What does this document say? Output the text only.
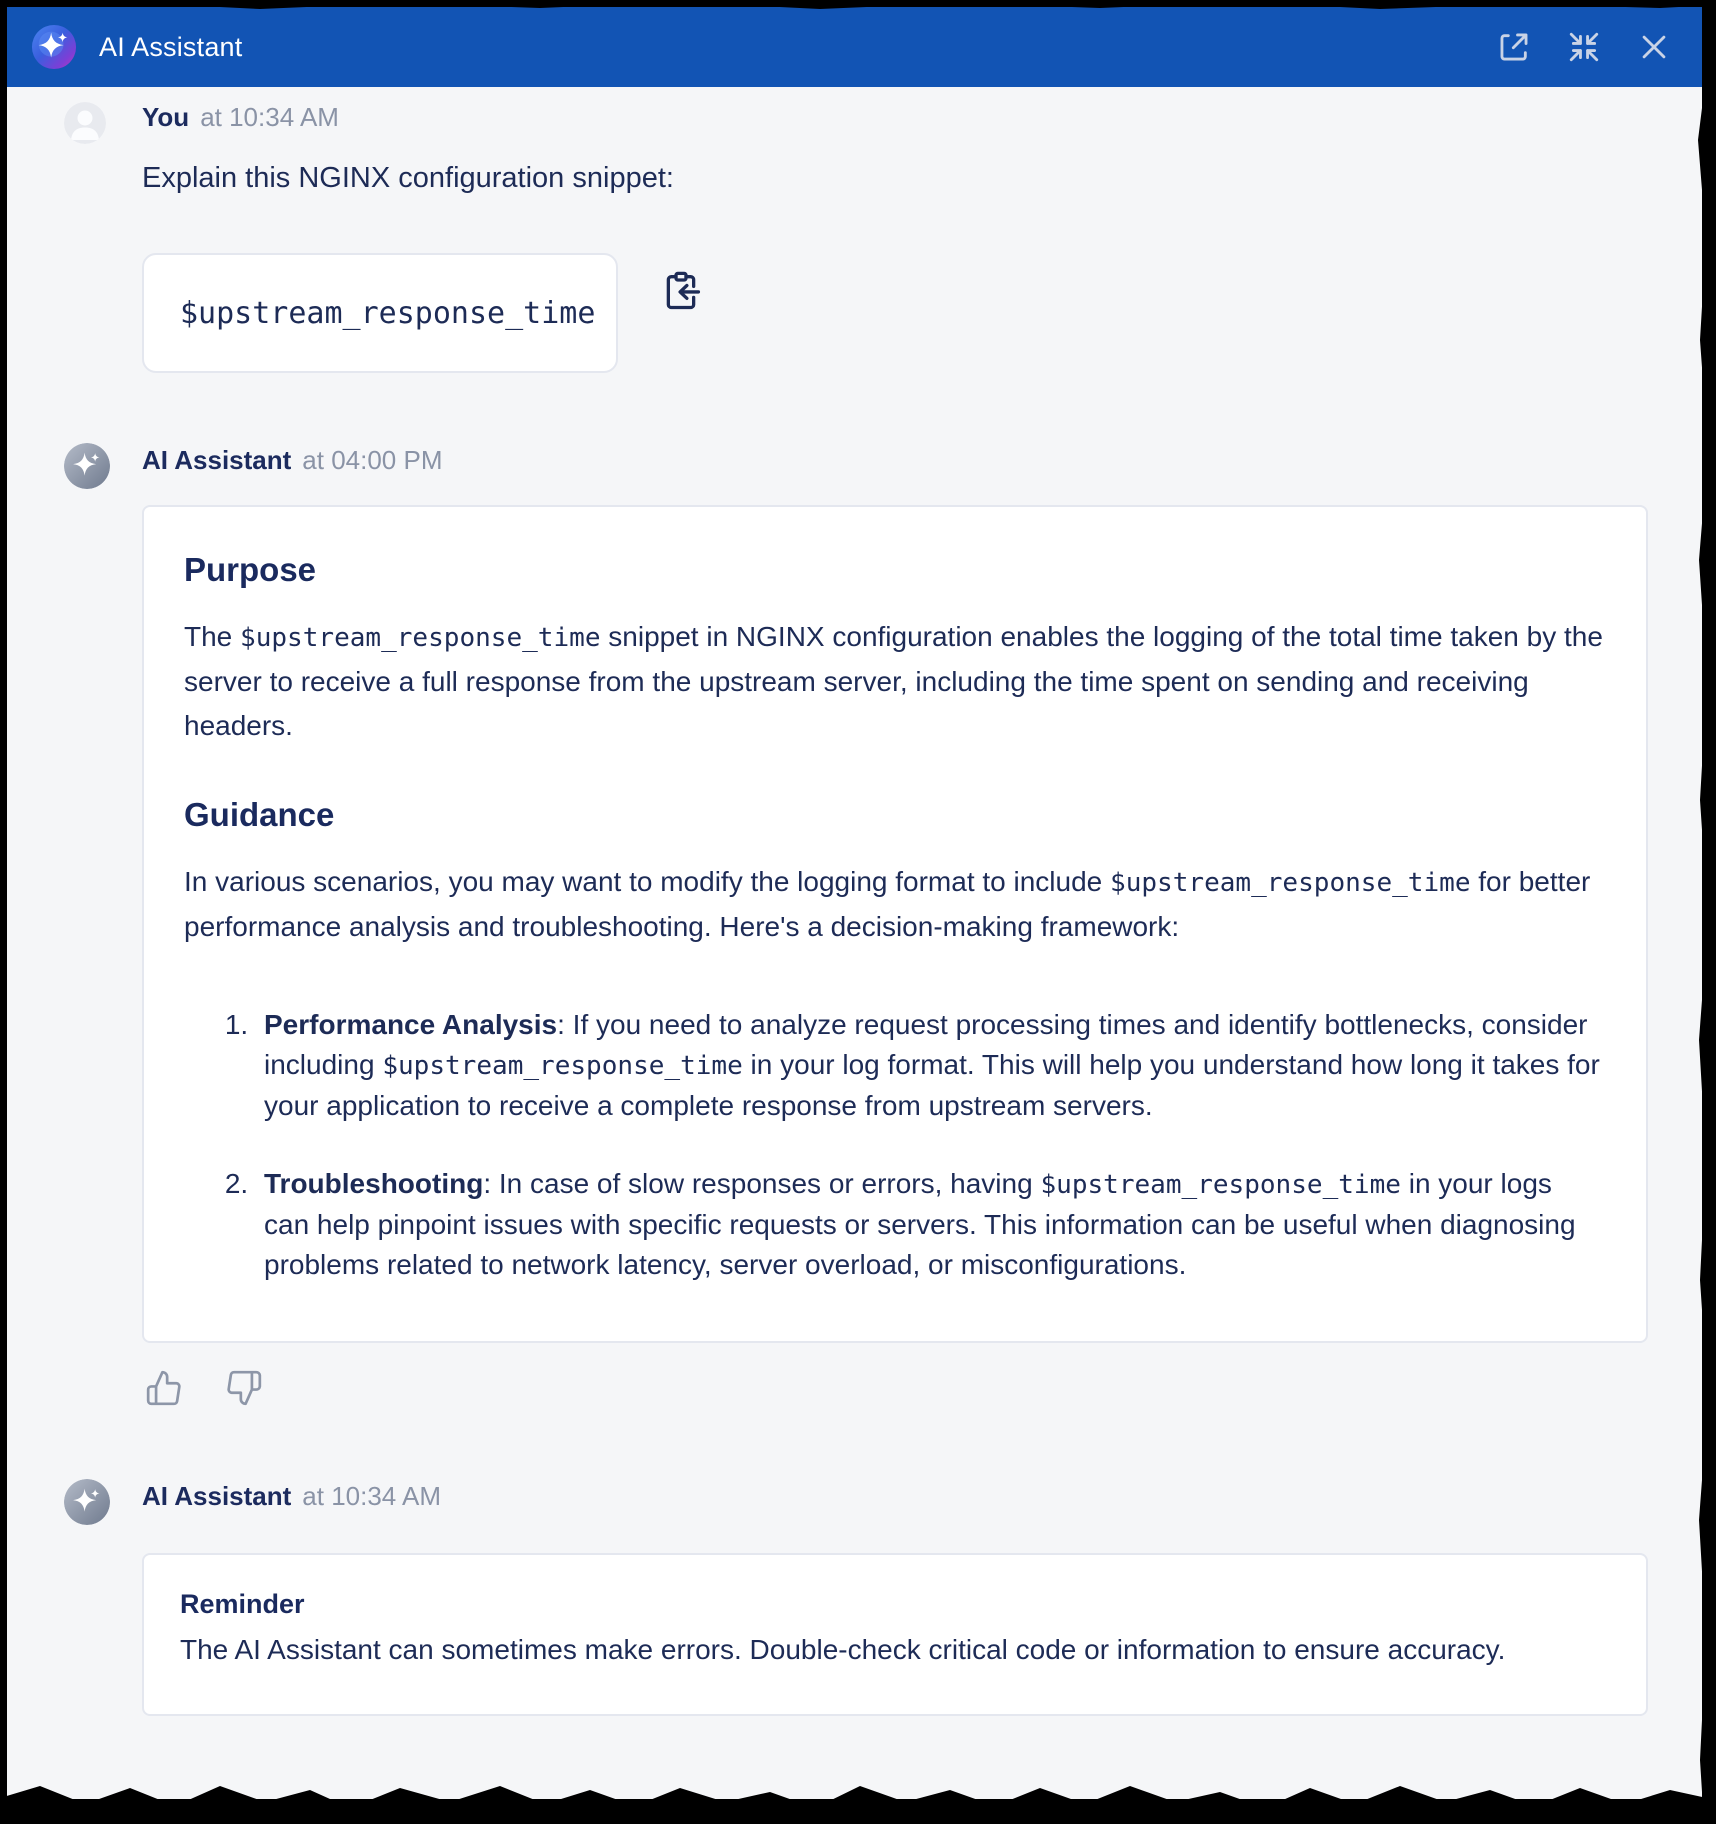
AI Assistant
You at 10:34 AM

Explain this NGINX configuration snippet:

$upstream_response_time
AI Assistant at 04:00 PM
Purpose

The $upstream_response_time snippet in NGINX configuration enables the logging of the total time taken by the server to receive a full response from the upstream server, including the time spent on sending and receiving headers.

Guidance

In various scenarios, you may want to modify the logging format to include $upstream_response_time for better performance analysis and troubleshooting. Here's a decision-making framework:

1. Performance Analysis: If you need to analyze request processing times and identify bottlenecks, consider including $upstream_response_time in your log format. This will help you understand how long it takes for your application to receive a complete response from upstream servers.
2. Troubleshooting: In case of slow responses or errors, having $upstream_response_time in your logs can help pinpoint issues with specific requests or servers. This information can be useful when diagnosing problems related to network latency, server overload, or misconfigurations.
AI Assistant at 10:34 AM
Reminder

The AI Assistant can sometimes make errors. Double-check critical code or information to ensure accuracy.
